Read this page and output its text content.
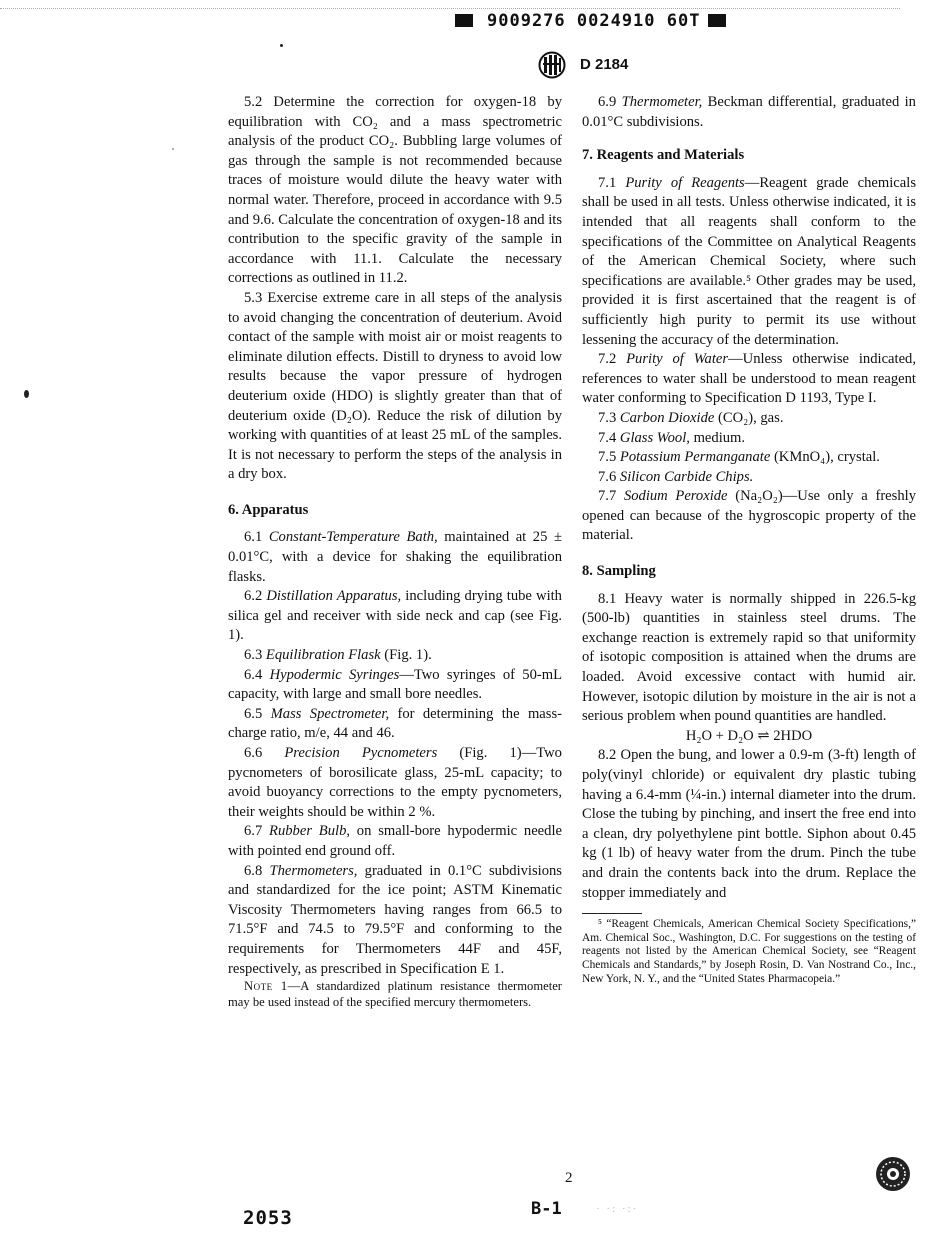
9009276 0024910 60T
D 2184

5.2 Determine the correction for oxygen-18 by equilibration with CO₂ and a mass spectrometric analysis of the product CO₂. Bubbling large volumes of gas through the sample is not recommended because traces of moisture would dilute the heavy water with normal water. Therefore, proceed in accordance with 9.5 and 9.6. Calculate the concentration of oxygen-18 and its contribution to the specific gravity of the sample in accordance with 11.1. Calculate the necessary corrections as outlined in 11.2.

5.3 Exercise extreme care in all steps of the analysis to avoid changing the concentration of deuterium. Avoid contact of the sample with moist air or moist reagents to eliminate dilution effects. Distill to dryness to avoid low results because the vapor pressure of hydrogen deuterium oxide (HDO) is slightly greater than that of deuterium oxide (D₂O). Reduce the risk of dilution by working with quantities of at least 25 mL of the samples. It is not necessary to perform the steps of the analysis in a dry box.

6. Apparatus

6.1 Constant-Temperature Bath, maintained at 25 ± 0.01°C, with a device for shaking the equilibration flasks.

6.2 Distillation Apparatus, including drying tube with silica gel and receiver with side neck and cap (see Fig. 1).

6.3 Equilibration Flask (Fig. 1).

6.4 Hypodermic Syringes—Two syringes of 50-mL capacity, with large and small bore needles.

6.5 Mass Spectrometer, for determining the mass-charge ratio, m/e, 44 and 46.

6.6 Precision Pycnometers (Fig. 1)—Two pycnometers of borosilicate glass, 25-mL capacity; to avoid buoyancy corrections to the empty pycnometers, their weights should be within 2 %.

6.7 Rubber Bulb, on small-bore hypodermic needle with pointed end ground off.

6.8 Thermometers, graduated in 0.1°C subdivisions and standardized for the ice point; ASTM Kinematic Viscosity Thermometers having ranges from 66.5 to 71.5°F and 74.5 to 79.5°F and conforming to the requirements for Thermometers 44F and 45F, respectively, as prescribed in Specification E 1.

Note 1—A standardized platinum resistance thermometer may be used instead of the specified mercury thermometers.

6.9 Thermometer, Beckman differential, graduated in 0.01°C subdivisions.

7. Reagents and Materials

7.1 Purity of Reagents—Reagent grade chemicals shall be used in all tests. Unless otherwise indicated, it is intended that all reagents shall conform to the specifications of the Committee on Analytical Reagents of the American Chemical Society, where such specifications are available.⁵ Other grades may be used, provided it is first ascertained that the reagent is of sufficiently high purity to permit its use without lessening the accuracy of the determination.

7.2 Purity of Water—Unless otherwise indicated, references to water shall be understood to mean reagent water conforming to Specification D 1193, Type I.

7.3 Carbon Dioxide (CO₂), gas.

7.4 Glass Wool, medium.

7.5 Potassium Permanganate (KMnO₄), crystal.

7.6 Silicon Carbide Chips.

7.7 Sodium Peroxide (Na₂O₂)—Use only a freshly opened can because of the hygroscopic property of the material.

8. Sampling

8.1 Heavy water is normally shipped in 226.5-kg (500-lb) quantities in stainless steel drums. The exchange reaction is extremely rapid so that uniformity of isotopic composition is attained when the drums are loaded. Avoid excessive contact with humid air. However, isotopic dilution by moisture in the air is not a serious problem when pound quantities are handled.

H₂O + D₂O ⇌ 2HDO

8.2 Open the bung, and lower a 0.9-m (3-ft) length of poly(vinyl chloride) or equivalent dry plastic tubing having a 6.4-mm (¼-in.) internal diameter into the drum. Close the tubing by pinching, and insert the free end into a clean, dry polyethylene pint bottle. Siphon about 0.45 kg (1 lb) of heavy water from the drum. Pinch the tube and drain the contents back into the drum. Replace the stopper immediately and

⁵ “Reagent Chemicals, American Chemical Society Specifications,” Am. Chemical Soc., Washington, D.C. For suggestions on the testing of reagents not listed by the American Chemical Society, see “Reagent Chemicals and Standards,” by Joseph Rosin, D. Van Nostrand Co., Inc., New York, N. Y., and the “United States Pharmacopeia.”

2
2053	B-1	· ·: ·:·
